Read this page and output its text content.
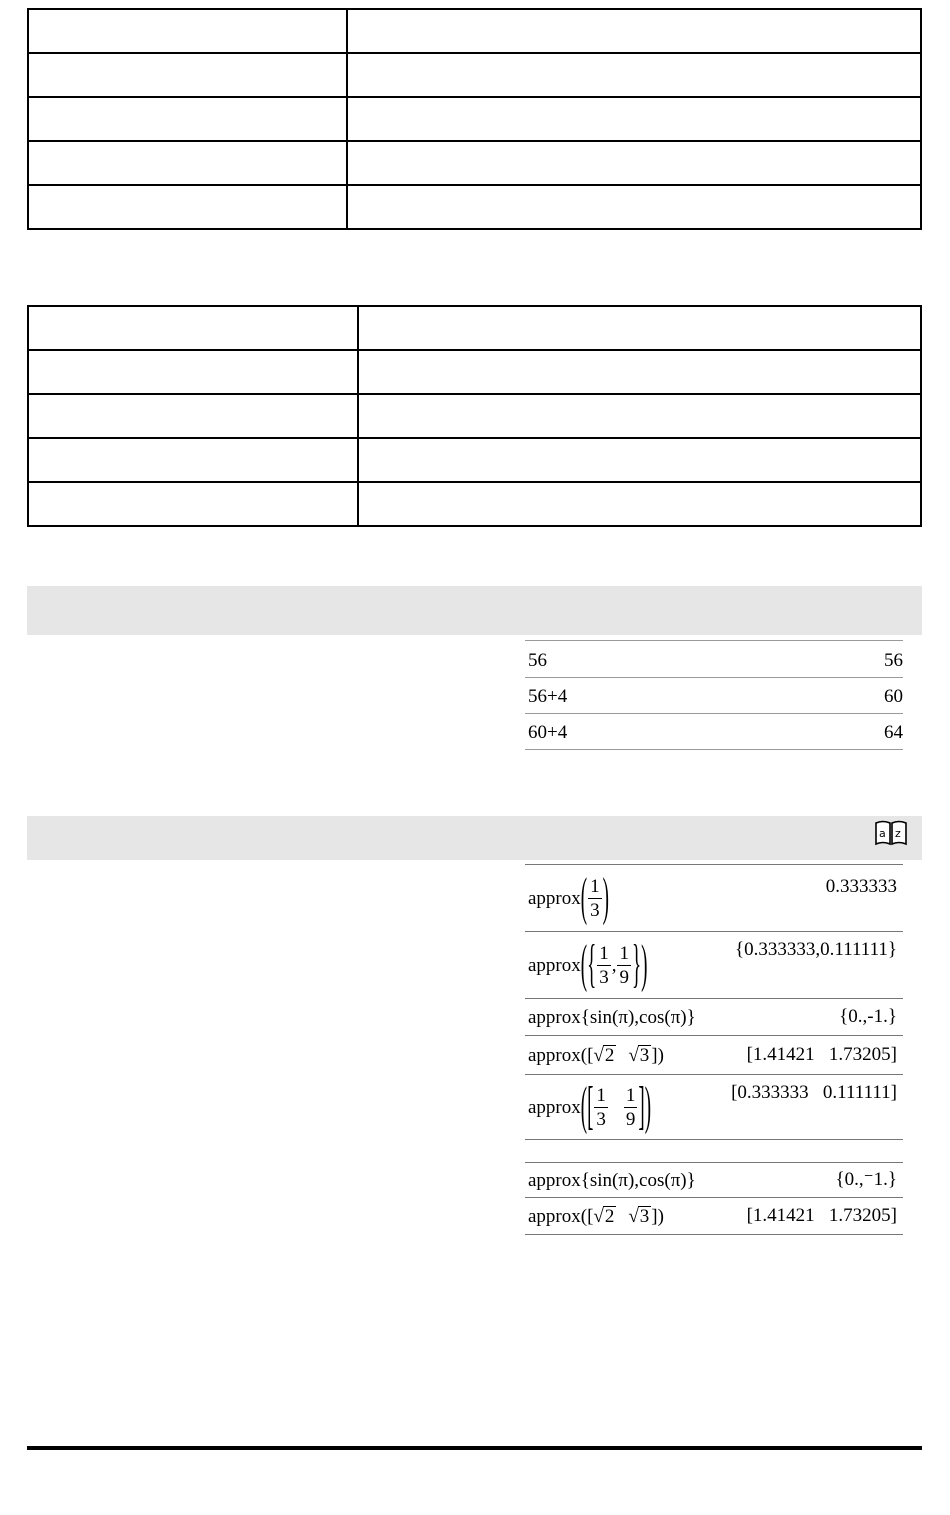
56	56
56+4	60
60+4	64
a z
approx ( $\frac{1}{3}$ )	0.333333
approx ( { $\frac{1}{3}$ , $\frac{1}{9}$ } )	{0.333333,0.111111}
approx {sin(π),cos(π)}	{0.,-1.}
approx ([ √ 2 √ 3 ])	[1.41421   1.73205]
approx ( [ $\frac{1}{3} \frac{1}{9}$ ] )	[0.333333   0.111111]
approx {sin(π),cos(π)}	{0.,⁻1.}
approx ([ √ 2 √ 3 ])	[1.41421   1.73205]
